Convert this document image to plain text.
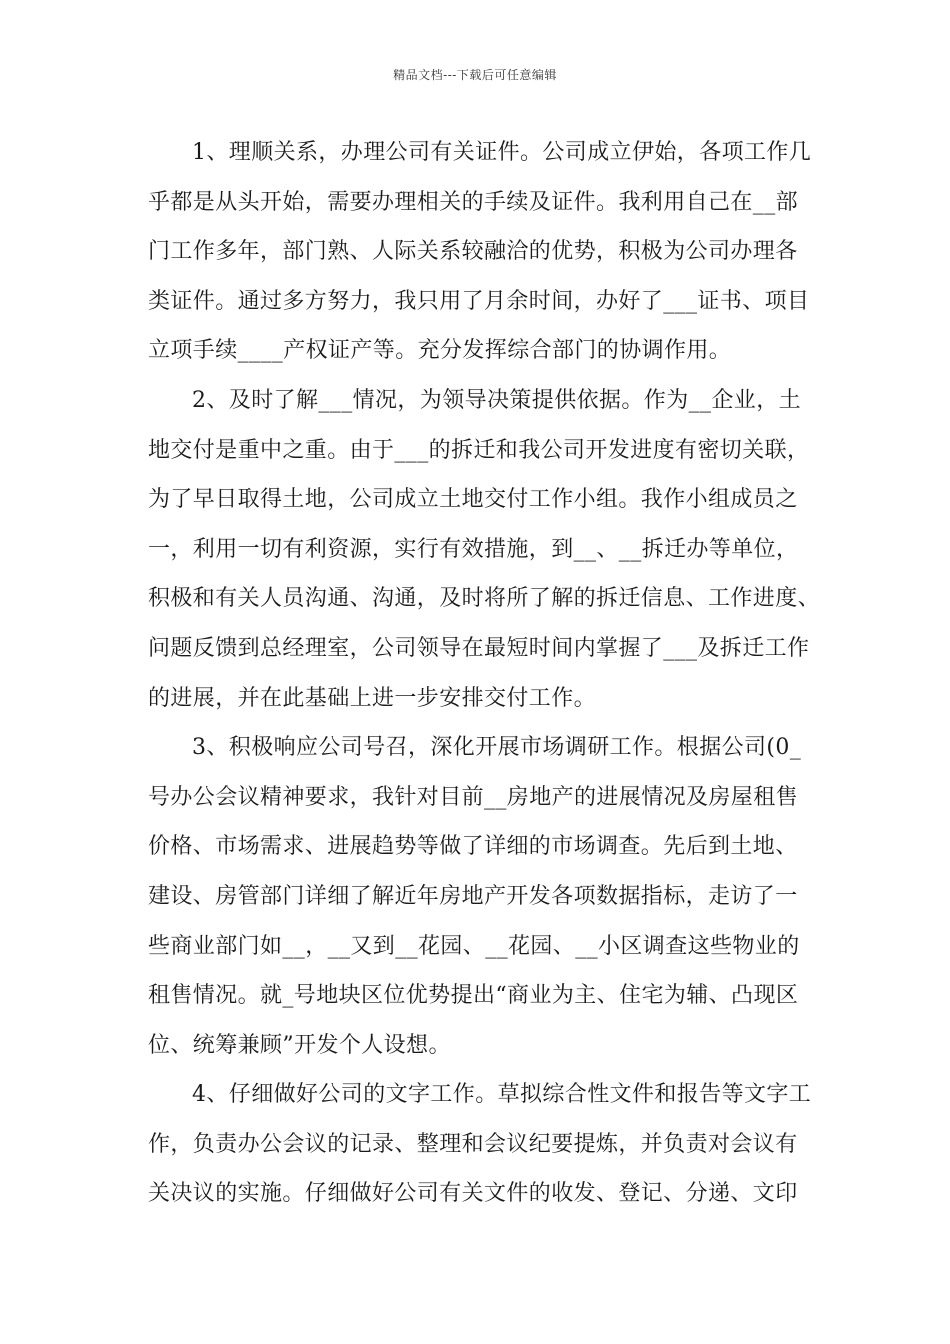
精品文档---下载后可任意编辑
1、理顺关系，办理公司有关证件。公司成立伊始，各项工作几
乎都是从头开始，需要办理相关的手续及证件。我利用自己在__部
门工作多年，部门熟、人际关系较融洽的优势，积极为公司办理各
类证件。通过多方努力，我只用了月余时间，办好了___证书、项目
立项手续____产权证产等。充分发挥综合部门的协调作用。
2、及时了解___情况，为领导决策提供依据。作为__企业，土
地交付是重中之重。由于___的拆迁和我公司开发进度有密切关联，
为了早日取得土地，公司成立土地交付工作小组。我作小组成员之
一，利用一切有利资源，实行有效措施，到__、__拆迁办等单位，
积极和有关人员沟通、沟通，及时将所了解的拆迁信息、工作进度、
问题反馈到总经理室，公司领导在最短时间内掌握了___及拆迁工作
的进展，并在此基础上进一步安排交付工作。
3、积极响应公司号召，深化开展市场调研工作。根据公司(0_
号办公会议精神要求，我针对目前__房地产的进展情况及房屋租售
价格、市场需求、进展趋势等做了详细的市场调查。先后到土地、
建设、房管部门详细了解近年房地产开发各项数据指标，走访了一
些商业部门如__，__又到__花园、__花园、__小区调查这些物业的
租售情况。就_号地块区位优势提出“商业为主、住宅为辅、凸现区
位、统筹兼顾”开发个人设想。
4、仔细做好公司的文字工作。草拟综合性文件和报告等文字工
作，负责办公会议的记录、整理和会议纪要提炼，并负责对会议有
关决议的实施。仔细做好公司有关文件的收发、登记、分递、文印
